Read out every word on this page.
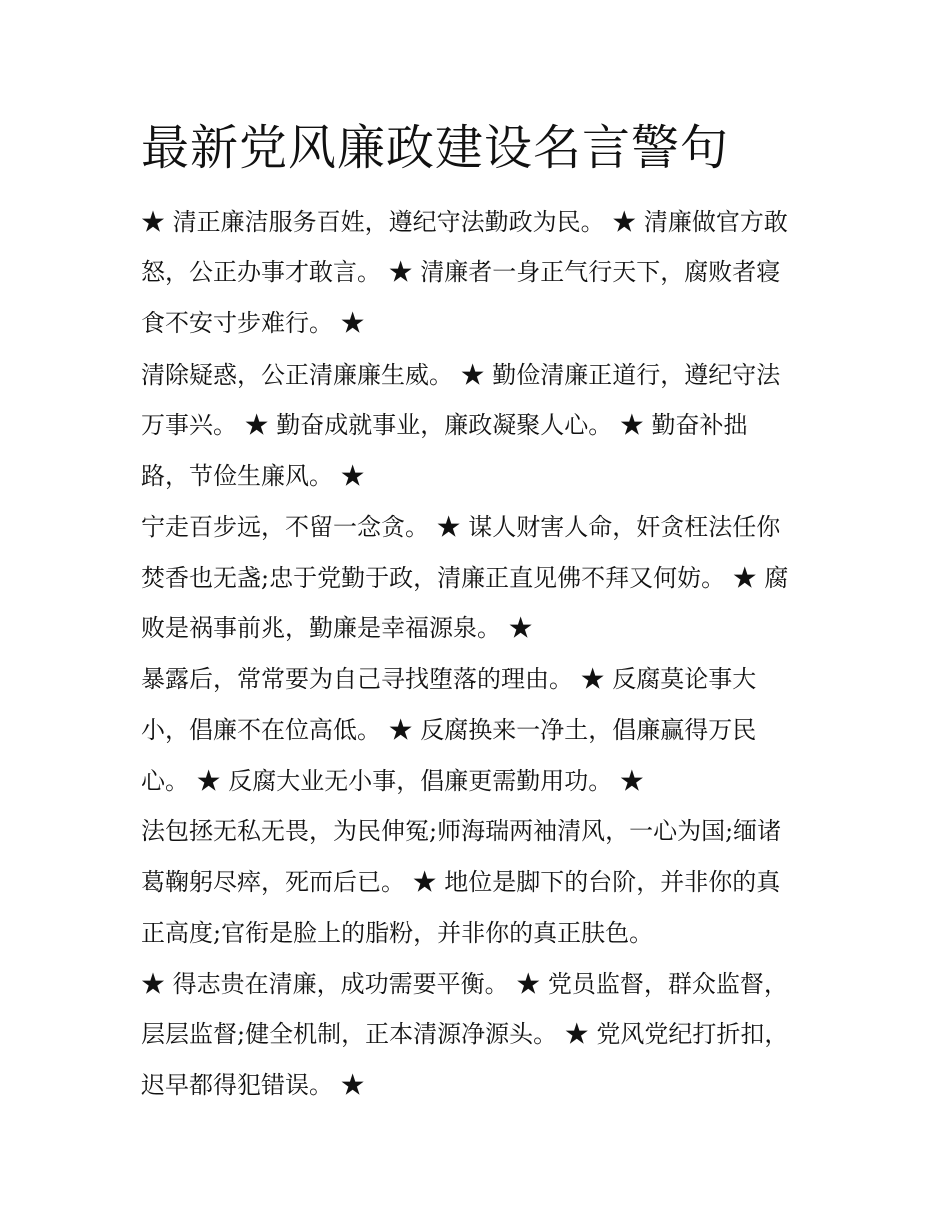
最新党风廉政建设名言警句

★ 清正廉洁服务百姓，遵纪守法勤政为民。 ★ 清廉做官方敢

怒，公正办事才敢言。 ★ 清廉者一身正气行天下，腐败者寝

食不安寸步难行。 ★

清除疑惑，公正清廉廉生威。 ★ 勤俭清廉正道行，遵纪守法

万事兴。 ★ 勤奋成就事业，廉政凝聚人心。 ★ 勤奋补拙

路，节俭生廉风。 ★

宁走百步远，不留一念贪。 ★ 谋人财害人命，奸贪枉法任你

焚香也无盏;忠于党勤于政，清廉正直见佛不拜又何妨。 ★ 腐

败是祸事前兆，勤廉是幸福源泉。 ★

暴露后，常常要为自己寻找堕落的理由。 ★ 反腐莫论事大

小，倡廉不在位高低。 ★ 反腐换来一净土，倡廉赢得万民

心。 ★ 反腐大业无小事，倡廉更需勤用功。 ★

法包拯无私无畏，为民伸冤;师海瑞两袖清风，一心为国;缅诸

葛鞠躬尽瘁，死而后已。 ★ 地位是脚下的台阶，并非你的真

正高度;官衔是脸上的脂粉，并非你的真正肤色。

★ 得志贵在清廉，成功需要平衡。 ★ 党员监督，群众监督，

层层监督;健全机制，正本清源净源头。 ★ 党风党纪打折扣，

迟早都得犯错误。 ★
